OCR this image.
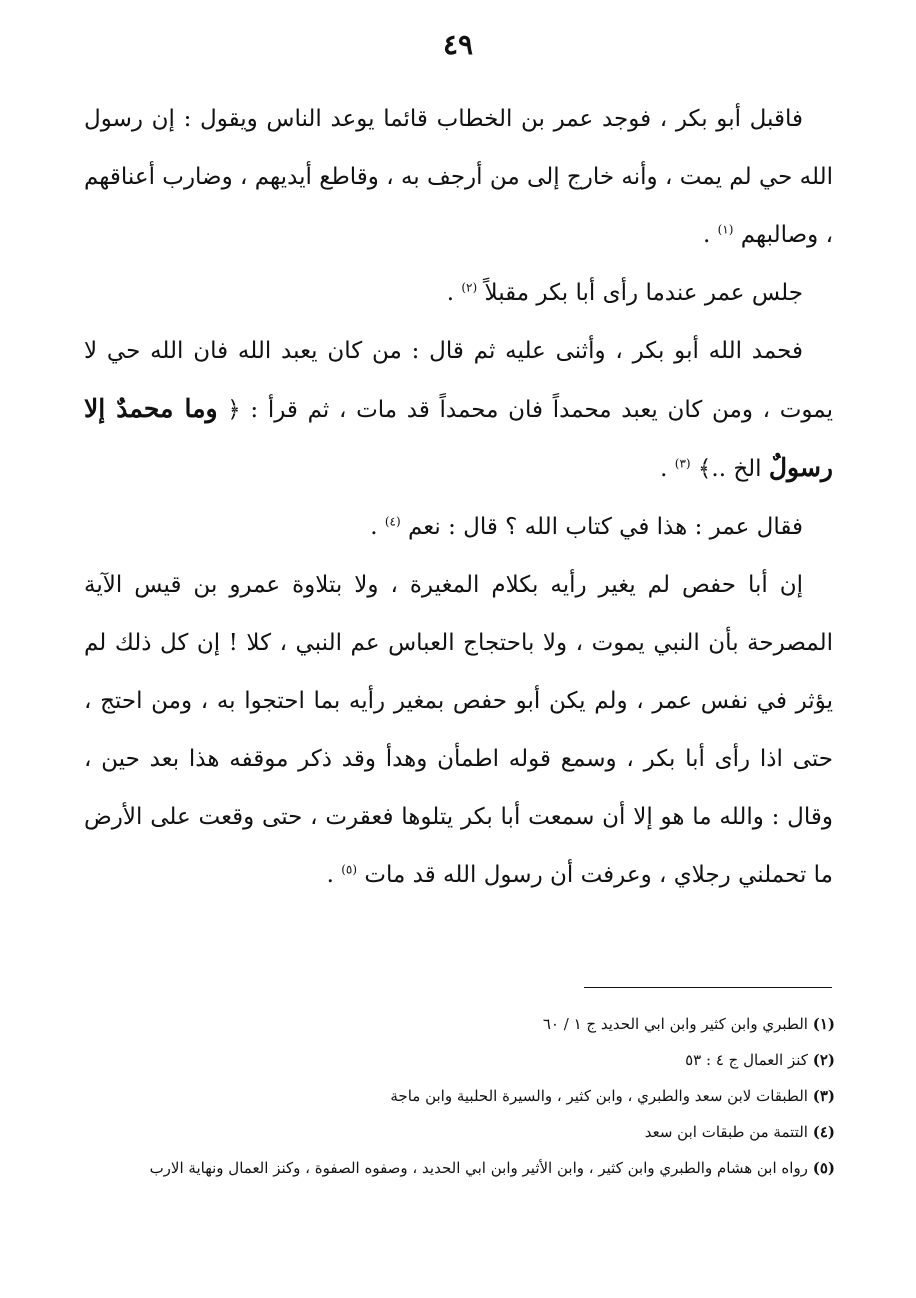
٤٩

فاقبل أبو بكر ، فوجد عمر بن الخطاب قائما يوعد الناس ويقول : إن رسول الله حي لم يمت ، وأنه خارج إلى من أرجف به ، وقاطع أيديهم ، وضارب أعناقهم ، وصالبهم $^{(١)}$ .

جلس عمر عندما رأى أبا بكر مقبلاً $^{(٢)}$ .

فحمد الله أبو بكر ، وأثنى عليه ثم قال : من كان يعبد الله فان الله حي لا يموت ، ومن كان يعبد محمداً فان محمداً قد مات ، ثم قرأ : ﴿ وما محمدٌ إلا رسولٌ الخ ..﴾ $^{(٣)}$ .

فقال عمر : هذا في كتاب الله ؟ قال : نعم $^{(٤)}$ .

إن أبا حفص لم يغير رأيه بكلام المغيرة ، ولا بتلاوة عمرو بن قيس الآية المصرحة بأن النبي يموت ، ولا باحتجاج العباس عم النبي ، كلا ! إن كل ذلك لم يؤثر في نفس عمر ، ولم يكن أبو حفص بمغير رأيه بما احتجوا به ، ومن احتج ، حتى اذا رأى أبا بكر ، وسمع قوله اطمأن وهدأ وقد ذكر موقفه هذا بعد حين ، وقال : والله ما هو إلا أن سمعت أبا بكر يتلوها فعقرت ، حتى وقعت على الأرض ما تحملني رجلاي ، وعرفت أن رسول الله قد مات $^{(٥)}$ .

(١) الطبري وابن كثير وابن ابي الحديد ج ١ / ٦٠

(٢) كنز العمال ج ٤ : ٥٣

(٣) الطبقات لابن سعد والطبري ، وابن كثير ، والسيرة الحلبية وابن ماجة

(٤) التتمة من طبقات ابن سعد

(٥) رواه ابن هشام والطبري وابن كثير ، وابن الأثير وابن ابي الحديد ، وصفوه الصفوة ، وكنز العمال ونهاية الارب
